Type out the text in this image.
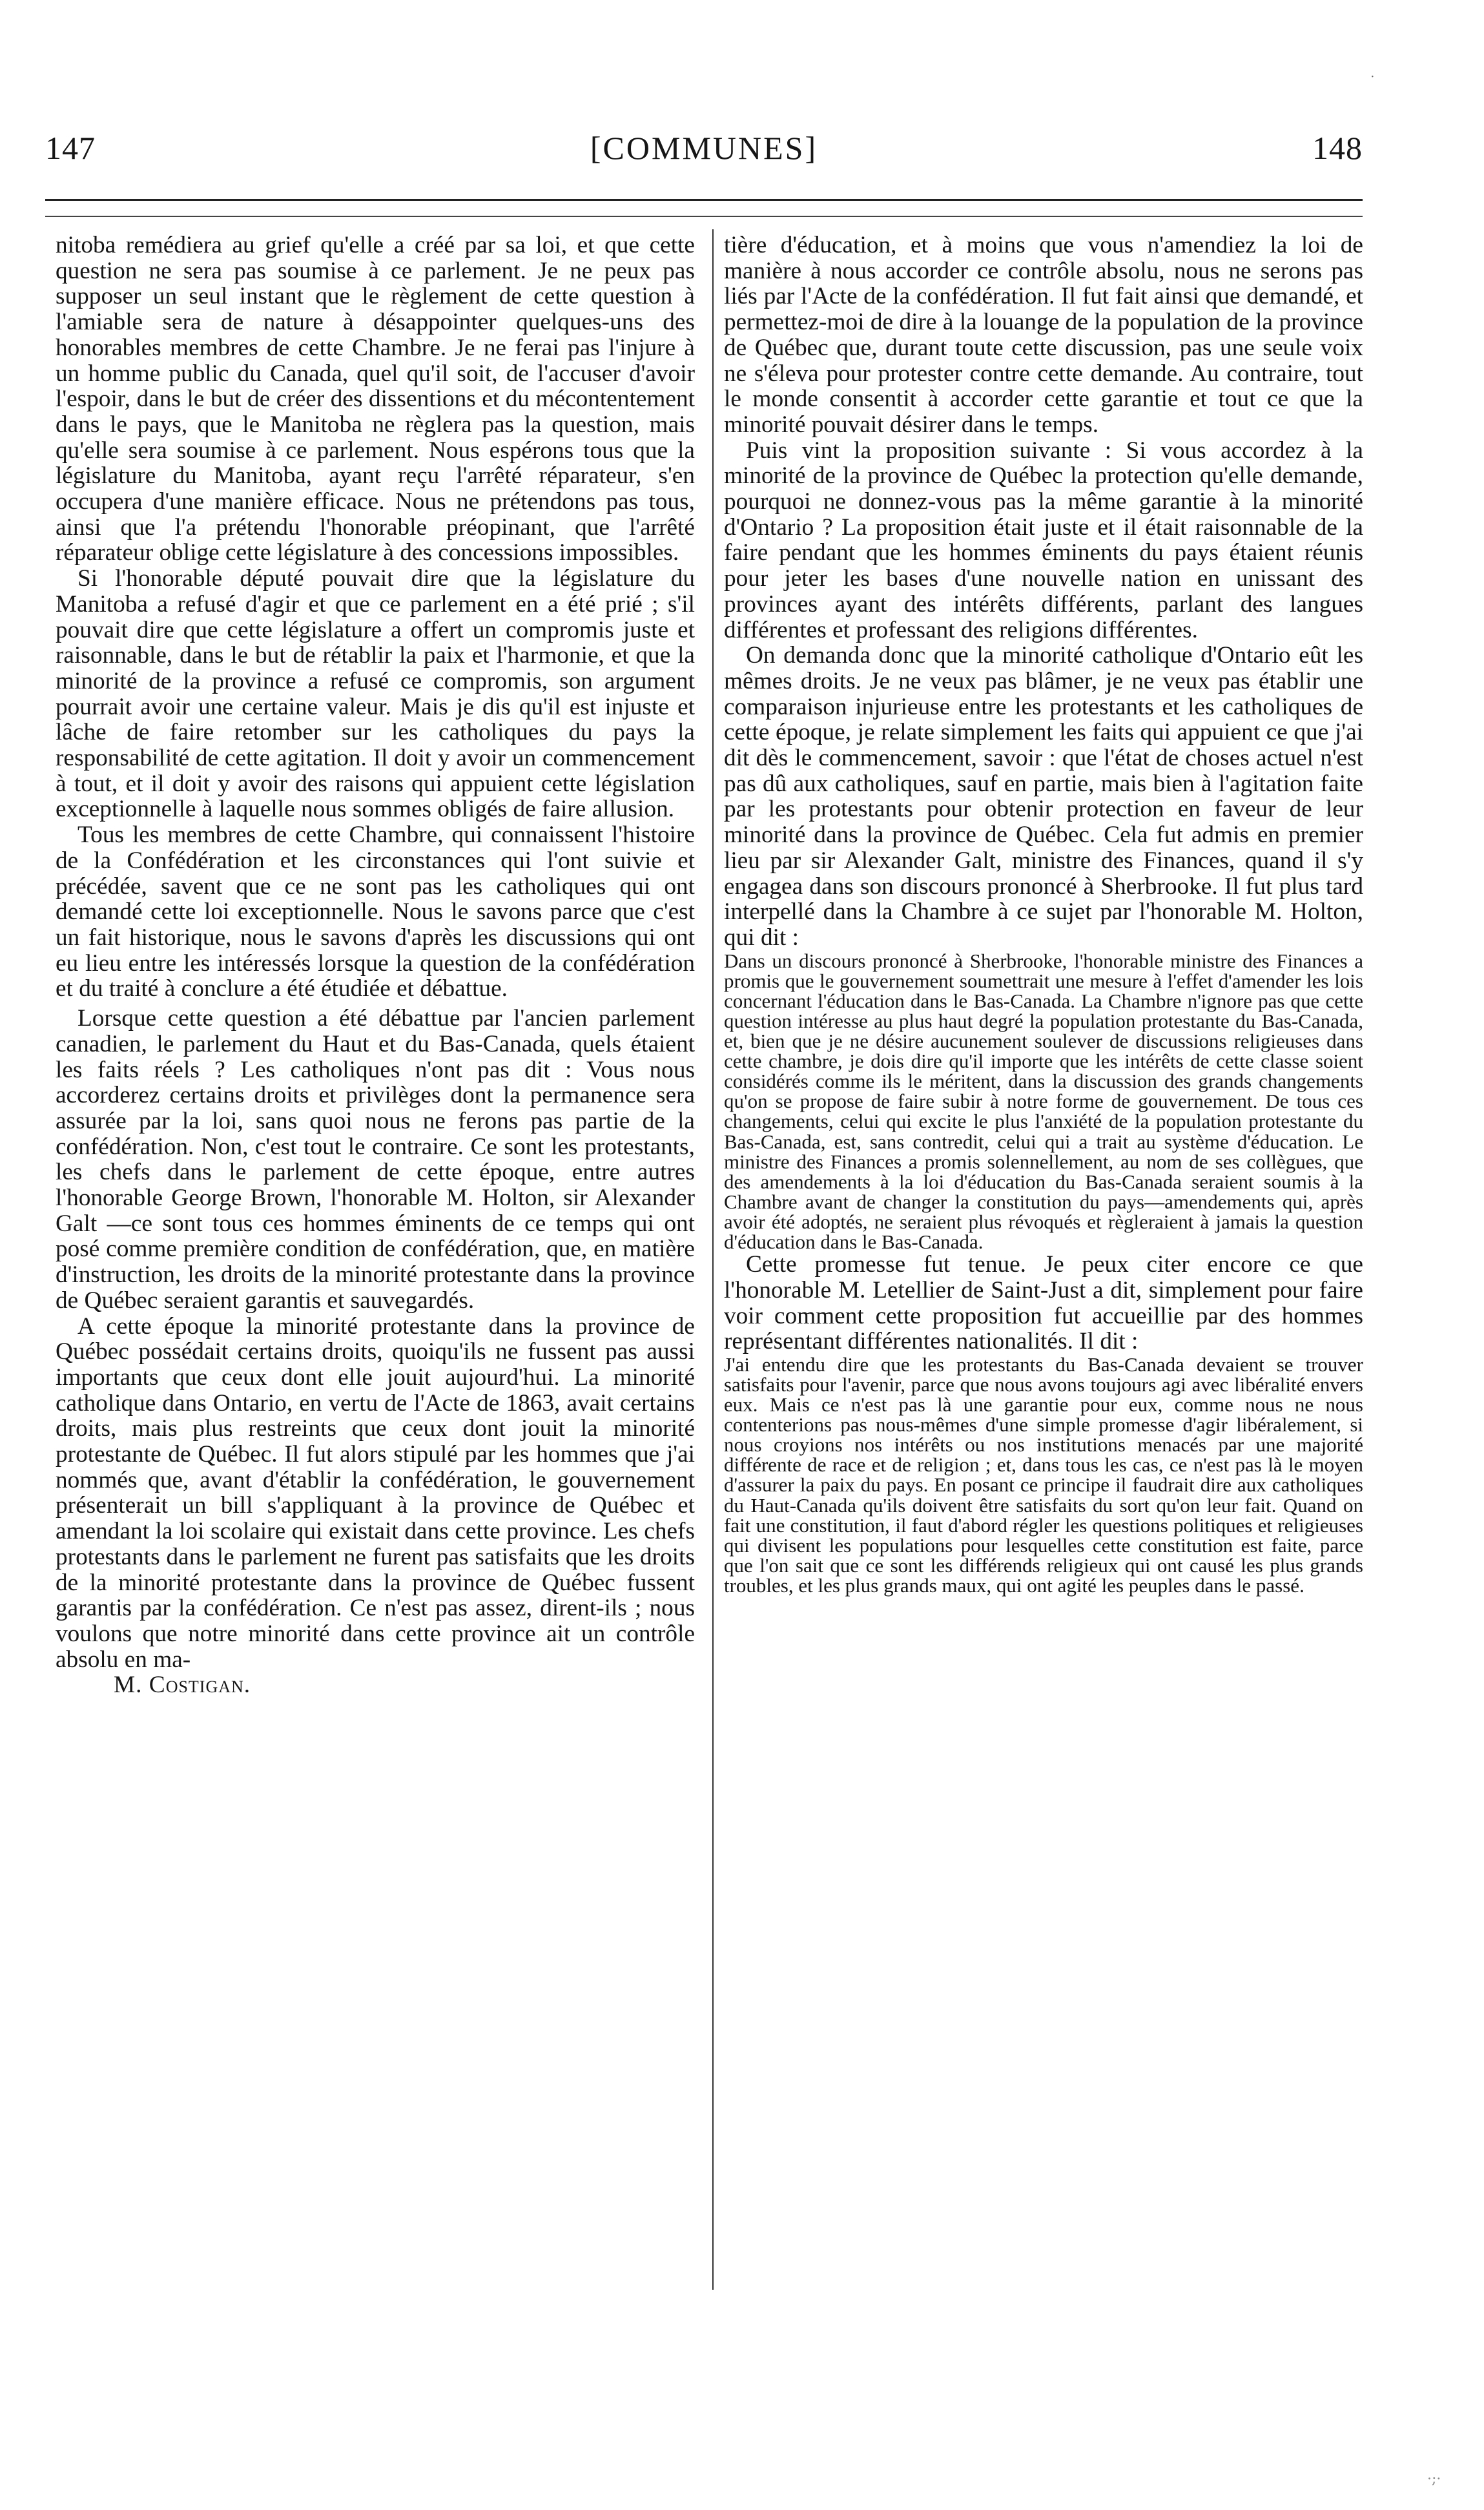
147	[COMMUNES]	148

nitoba remédiera au grief qu'elle a créé par sa loi, et que cette question ne sera pas soumise à ce parlement. Je ne peux pas supposer un seul instant que le règlement de cette question à l'amiable sera de nature à désappointer quelques-uns des honorables membres de cette Chambre. Je ne ferai pas l'injure à un homme public du Canada, quel qu'il soit, de l'accuser d'avoir l'espoir, dans le but de créer des dissentions et du mécontentement dans le pays, que le Manitoba ne règlera pas la question, mais qu'elle sera soumise à ce parlement. Nous espérons tous que la législature du Manitoba, ayant reçu l'arrêté réparateur, s'en occupera d'une manière efficace. Nous ne prétendons pas tous, ainsi que l'a prétendu l'honorable préopinant, que l'arrêté réparateur oblige cette législature à des concessions impossibles.

Si l'honorable député pouvait dire que la législature du Manitoba a refusé d'agir et que ce parlement en a été prié ; s'il pouvait dire que cette législature a offert un compromis juste et raisonnable, dans le but de rétablir la paix et l'harmonie, et que la minorité de la province a refusé ce compromis, son argument pourrait avoir une certaine valeur. Mais je dis qu'il est injuste et lâche de faire retomber sur les catholiques du pays la responsabilité de cette agitation. Il doit y avoir un commencement à tout, et il doit y avoir des raisons qui appuient cette législation exceptionnelle à laquelle nous sommes obligés de faire allusion.

Tous les membres de cette Chambre, qui connaissent l'histoire de la Confédération et les circonstances qui l'ont suivie et précédée, savent que ce ne sont pas les catholiques qui ont demandé cette loi exceptionnelle. Nous le savons parce que c'est un fait historique, nous le savons d'après les discussions qui ont eu lieu entre les intéressés lorsque la question de la confédération et du traité à conclure a été étudiée et débattue.

Lorsque cette question a été débattue par l'ancien parlement canadien, le parlement du Haut et du Bas-Canada, quels étaient les faits réels ? Les catholiques n'ont pas dit : Vous nous accorderez certains droits et privilèges dont la permanence sera assurée par la loi, sans quoi nous ne ferons pas partie de la confédération. Non, c'est tout le contraire. Ce sont les protestants, les chefs dans le parlement de cette époque, entre autres l'honorable George Brown, l'honorable M. Holton, sir Alexander Galt —ce sont tous ces hommes éminents de ce temps qui ont posé comme première condition de confédération, que, en matière d'instruction, les droits de la minorité protestante dans la province de Québec seraient garantis et sauvegardés.

A cette époque la minorité protestante dans la province de Québec possédait certains droits, quoiqu'ils ne fussent pas aussi importants que ceux dont elle jouit aujourd'hui. La minorité catholique dans Ontario, en vertu de l'Acte de 1863, avait certains droits, mais plus restreints que ceux dont jouit la minorité protestante de Québec. Il fut alors stipulé par les hommes que j'ai nommés que, avant d'établir la confédération, le gouvernement présenterait un bill s'appliquant à la province de Québec et amendant la loi scolaire qui existait dans cette province. Les chefs protestants dans le parlement ne furent pas satisfaits que les droits de la minorité protestante dans la province de Québec fussent garantis par la confédération. Ce n'est pas assez, dirent-ils ; nous voulons que notre minorité dans cette province ait un contrôle absolu en ma-

M. Costigan.

tière d'éducation, et à moins que vous n'amendiez la loi de manière à nous accorder ce contrôle absolu, nous ne serons pas liés par l'Acte de la confédération. Il fut fait ainsi que demandé, et permettez-moi de dire à la louange de la population de la province de Québec que, durant toute cette discussion, pas une seule voix ne s'éleva pour protester contre cette demande. Au contraire, tout le monde consentit à accorder cette garantie et tout ce que la minorité pouvait désirer dans le temps.

Puis vint la proposition suivante : Si vous accordez à la minorité de la province de Québec la protection qu'elle demande, pourquoi ne donnez-vous pas la même garantie à la minorité d'Ontario ? La proposition était juste et il était raisonnable de la faire pendant que les hommes éminents du pays étaient réunis pour jeter les bases d'une nouvelle nation en unissant des provinces ayant des intérêts différents, parlant des langues différentes et professant des religions différentes.

On demanda donc que la minorité catholique d'Ontario eût les mêmes droits. Je ne veux pas blâmer, je ne veux pas établir une comparaison injurieuse entre les protestants et les catholiques de cette époque, je relate simplement les faits qui appuient ce que j'ai dit dès le commencement, savoir : que l'état de choses actuel n'est pas dû aux catholiques, sauf en partie, mais bien à l'agitation faite par les protestants pour obtenir protection en faveur de leur minorité dans la province de Québec. Cela fut admis en premier lieu par sir Alexander Galt, ministre des Finances, quand il s'y engagea dans son discours prononcé à Sherbrooke. Il fut plus tard interpellé dans la Chambre à ce sujet par l'honorable M. Holton, qui dit :

Dans un discours prononcé à Sherbrooke, l'honorable ministre des Finances a promis que le gouvernement soumettrait une mesure à l'effet d'amender les lois concernant l'éducation dans le Bas-Canada. La Chambre n'ignore pas que cette question intéresse au plus haut degré la population protestante du Bas-Canada, et, bien que je ne désire aucunement soulever de discussions religieuses dans cette chambre, je dois dire qu'il importe que les intérêts de cette classe soient considérés comme ils le méritent, dans la discussion des grands changements qu'on se propose de faire subir à notre forme de gouvernement. De tous ces changements, celui qui excite le plus l'anxiété de la population protestante du Bas-Canada, est, sans contredit, celui qui a trait au système d'éducation. Le ministre des Finances a promis solennellement, au nom de ses collègues, que des amendements à la loi d'éducation du Bas-Canada seraient soumis à la Chambre avant de changer la constitution du pays—amendements qui, après avoir été adoptés, ne seraient plus révoqués et règleraient à jamais la question d'éducation dans le Bas-Canada.

Cette promesse fut tenue. Je peux citer encore ce que l'honorable M. Letellier de Saint-Just a dit, simplement pour faire voir comment cette proposition fut accueillie par des hommes représentant différentes nationalités. Il dit :

J'ai entendu dire que les protestants du Bas-Canada devaient se trouver satisfaits pour l'avenir, parce que nous avons toujours agi avec libéralité envers eux. Mais ce n'est pas là une garantie pour eux, comme nous ne nous contenterions pas nous-mêmes d'une simple promesse d'agir libéralement, si nous croyions nos intérêts ou nos institutions menacés par une majorité différente de race et de religion ; et, dans tous les cas, ce n'est pas là le moyen d'assurer la paix du pays. En posant ce principe il faudrait dire aux catholiques du Haut-Canada qu'ils doivent être satisfaits du sort qu'on leur fait. Quand on fait une constitution, il faut d'abord régler les questions politiques et religieuses qui divisent les populations pour lesquelles cette constitution est faite, parce que l'on sait que ce sont les différends religieux qui ont causé les plus grands troubles, et les plus grands maux, qui ont agité les peuples dans le passé.

·
·;·
